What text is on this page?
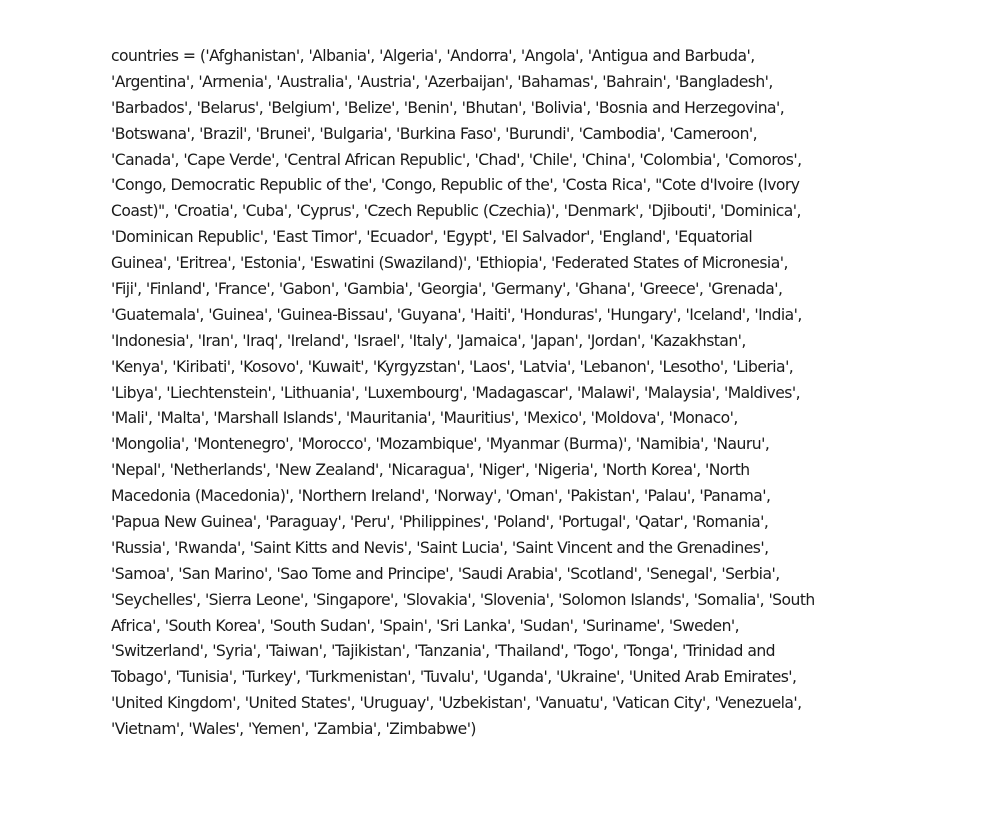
countries = ('Afghanistan', 'Albania', 'Algeria', 'Andorra', 'Angola', 'Antigua and Barbuda',
'Argentina', 'Armenia', 'Australia', 'Austria', 'Azerbaijan', 'Bahamas', 'Bahrain', 'Bangladesh',
'Barbados', 'Belarus', 'Belgium', 'Belize', 'Benin', 'Bhutan', 'Bolivia', 'Bosnia and Herzegovina',
'Botswana', 'Brazil', 'Brunei', 'Bulgaria', 'Burkina Faso', 'Burundi', 'Cambodia', 'Cameroon',
'Canada', 'Cape Verde', 'Central African Republic', 'Chad', 'Chile', 'China', 'Colombia', 'Comoros',
'Congo, Democratic Republic of the', 'Congo, Republic of the', 'Costa Rica', "Cote d'Ivoire (Ivory
Coast)", 'Croatia', 'Cuba', 'Cyprus', 'Czech Republic (Czechia)', 'Denmark', 'Djibouti', 'Dominica',
'Dominican Republic', 'East Timor', 'Ecuador', 'Egypt', 'El Salvador', 'England', 'Equatorial
Guinea', 'Eritrea', 'Estonia', 'Eswatini (Swaziland)', 'Ethiopia', 'Federated States of Micronesia',
'Fiji', 'Finland', 'France', 'Gabon', 'Gambia', 'Georgia', 'Germany', 'Ghana', 'Greece', 'Grenada',
'Guatemala', 'Guinea', 'Guinea-Bissau', 'Guyana', 'Haiti', 'Honduras', 'Hungary', 'Iceland', 'India',
'Indonesia', 'Iran', 'Iraq', 'Ireland', 'Israel', 'Italy', 'Jamaica', 'Japan', 'Jordan', 'Kazakhstan',
'Kenya', 'Kiribati', 'Kosovo', 'Kuwait', 'Kyrgyzstan', 'Laos', 'Latvia', 'Lebanon', 'Lesotho', 'Liberia',
'Libya', 'Liechtenstein', 'Lithuania', 'Luxembourg', 'Madagascar', 'Malawi', 'Malaysia', 'Maldives',
'Mali', 'Malta', 'Marshall Islands', 'Mauritania', 'Mauritius', 'Mexico', 'Moldova', 'Monaco',
'Mongolia', 'Montenegro', 'Morocco', 'Mozambique', 'Myanmar (Burma)', 'Namibia', 'Nauru',
'Nepal', 'Netherlands', 'New Zealand', 'Nicaragua', 'Niger', 'Nigeria', 'North Korea', 'North
Macedonia (Macedonia)', 'Northern Ireland', 'Norway', 'Oman', 'Pakistan', 'Palau', 'Panama',
'Papua New Guinea', 'Paraguay', 'Peru', 'Philippines', 'Poland', 'Portugal', 'Qatar', 'Romania',
'Russia', 'Rwanda', 'Saint Kitts and Nevis', 'Saint Lucia', 'Saint Vincent and the Grenadines',
'Samoa', 'San Marino', 'Sao Tome and Principe', 'Saudi Arabia', 'Scotland', 'Senegal', 'Serbia',
'Seychelles', 'Sierra Leone', 'Singapore', 'Slovakia', 'Slovenia', 'Solomon Islands', 'Somalia', 'South
Africa', 'South Korea', 'South Sudan', 'Spain', 'Sri Lanka', 'Sudan', 'Suriname', 'Sweden',
'Switzerland', 'Syria', 'Taiwan', 'Tajikistan', 'Tanzania', 'Thailand', 'Togo', 'Tonga', 'Trinidad and
Tobago', 'Tunisia', 'Turkey', 'Turkmenistan', 'Tuvalu', 'Uganda', 'Ukraine', 'United Arab Emirates',
'United Kingdom', 'United States', 'Uruguay', 'Uzbekistan', 'Vanuatu', 'Vatican City', 'Venezuela',
'Vietnam', 'Wales', 'Yemen', 'Zambia', 'Zimbabwe')
